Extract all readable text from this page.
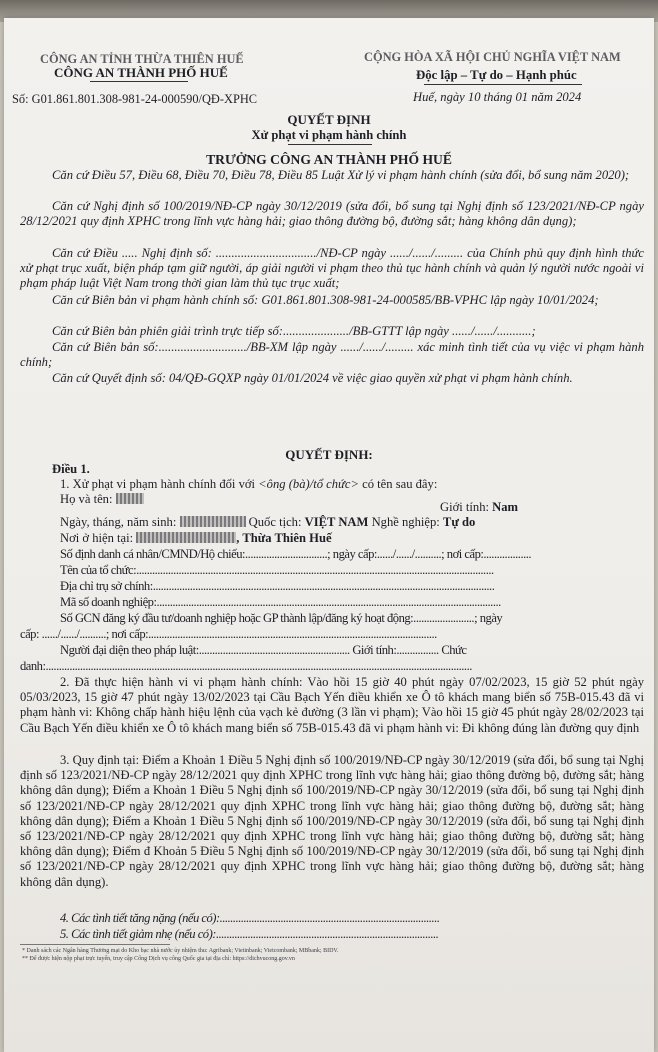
CÔNG AN TỈNH THỪA THIÊN HUẾ
CÔNG AN THÀNH PHỐ HUẾ
Số: G01.861.801.308-981-24-000590/QĐ-XPHC
CỘNG HÒA XÃ HỘI CHỦ NGHĨA VIỆT NAM
Độc lập – Tự do – Hạnh phúc
Huế, ngày 10 tháng 01 năm 2024
QUYẾT ĐỊNH
Xử phạt vi phạm hành chính
TRƯỞNG CÔNG AN THÀNH PHỐ HUẾ
Căn cứ Điều 57, Điều 68, Điều 70, Điều 78, Điều 85 Luật Xử lý vi phạm hành chính (sửa đổi, bổ sung năm 2020);
Căn cứ Nghị định số 100/2019/NĐ-CP ngày 30/12/2019 (sửa đổi, bổ sung tại Nghị định số 123/2021/NĐ-CP ngày 28/12/2021 quy định XPHC trong lĩnh vực hàng hải; giao thông đường bộ, đường sắt; hàng không dân dụng);
Căn cứ Điều ..... Nghị định số: ................................/NĐ-CP ngày ....../....../......... của Chính phủ quy định hình thức xử phạt trục xuất, biện pháp tạm giữ người, áp giải người vi phạm theo thủ tục hành chính và quản lý người nước ngoài vi phạm pháp luật Việt Nam trong thời gian làm thủ tục trục xuất;
Căn cứ Biên bản vi phạm hành chính số: G01.861.801.308-981-24-000585/BB-VPHC lập ngày 10/01/2024;
Căn cứ Biên bản phiên giải trình trực tiếp số:...................../BB-GTTT lập ngày ....../....../...........;
Căn cứ Biên bản số:............................/BB-XM lập ngày ....../....../......... xác minh tình tiết của vụ việc vi phạm hành chính;
Căn cứ Quyết định số: 04/QĐ-GQXP ngày 01/01/2024 về việc giao quyền xử phạt vi phạm hành chính.
QUYẾT ĐỊNH:
Điều 1.
1. Xử phạt vi phạm hành chính đối với <ông (bà)/tổ chức> có tên sau đây:
Họ và tên:
Giới tính: Nam
Ngày, tháng, năm sinh:	Quốc tịch: VIỆT NAM Nghề nghiệp: Tự do
Nơi ở hiện tại:	, Thừa Thiên Huế
Số định danh cá nhân/CMND/Hộ chiếu:...............................; ngày cấp:....../....../..........; nơi cấp:..................
Tên của tổ chức:.......................................................................................................................................
Địa chỉ trụ sở chính:.................................................................................................................................
Mã số doanh nghiệp:..................................................................................................................................
Số GCN đăng ký đầu tư/doanh nghiệp hoặc GP thành lập/đăng ký hoạt động:.......................; ngày
cấp: ....../....../..........; nơi cấp:.............................................................................................................
Người đại diện theo pháp luật:......................................................... Giới tính:................ Chức
danh:.................................................................................................................................................................
2. Đã thực hiện hành vi vi phạm hành chính: Vào hồi 15 giờ 40 phút ngày 07/02/2023, 15 giờ 52 phút ngày 05/03/2023, 15 giờ 47 phút ngày 13/02/2023 tại Cầu Bạch Yến điều khiển xe Ô tô khách mang biển số 75B-015.43 đã vi phạm hành vi: Không chấp hành hiệu lệnh của vạch kẻ đường (3 lần vi phạm); Vào hồi 15 giờ 45 phút ngày 28/02/2023 tại Cầu Bạch Yến điều khiển xe Ô tô khách mang biển số 75B-015.43 đã vi phạm hành vi: Đi không đúng làn đường quy định
3. Quy định tại: Điểm a Khoản 1 Điều 5 Nghị định số 100/2019/NĐ-CP ngày 30/12/2019 (sửa đổi, bổ sung tại Nghị định số 123/2021/NĐ-CP ngày 28/12/2021 quy định XPHC trong lĩnh vực hàng hải; giao thông đường bộ, đường sắt; hàng không dân dụng); Điểm a Khoản 1 Điều 5 Nghị định số 100/2019/NĐ-CP ngày 30/12/2019 (sửa đổi, bổ sung tại Nghị định số 123/2021/NĐ-CP ngày 28/12/2021 quy định XPHC trong lĩnh vực hàng hải; giao thông đường bộ, đường sắt; hàng không dân dụng); Điểm a Khoản 1 Điều 5 Nghị định số 100/2019/NĐ-CP ngày 30/12/2019 (sửa đổi, bổ sung tại Nghị định số 123/2021/NĐ-CP ngày 28/12/2021 quy định XPHC trong lĩnh vực hàng hải; giao thông đường bộ, đường sắt; hàng không dân dụng); Điểm đ Khoản 5 Điều 5 Nghị định số 100/2019/NĐ-CP ngày 30/12/2019 (sửa đổi, bổ sung tại Nghị định số 123/2021/NĐ-CP ngày 28/12/2021 quy định XPHC trong lĩnh vực hàng hải; giao thông đường bộ, đường sắt; hàng không dân dụng).
4. Các tình tiết tăng nặng (nếu có):...................................................................................
5. Các tình tiết giảm nhẹ (nếu có):....................................................................................
* Danh sách các Ngân hàng Thương mại do Kho bạc nhà nước ủy nhiệm thu: Agribank; Vietinbank; Vietcombank; MBbank; BIDV.
** Để được hiện nộp phạt trực tuyến, truy cập Cổng Dịch vụ công Quốc gia tại địa chỉ: https://dichvucong.gov.vn
